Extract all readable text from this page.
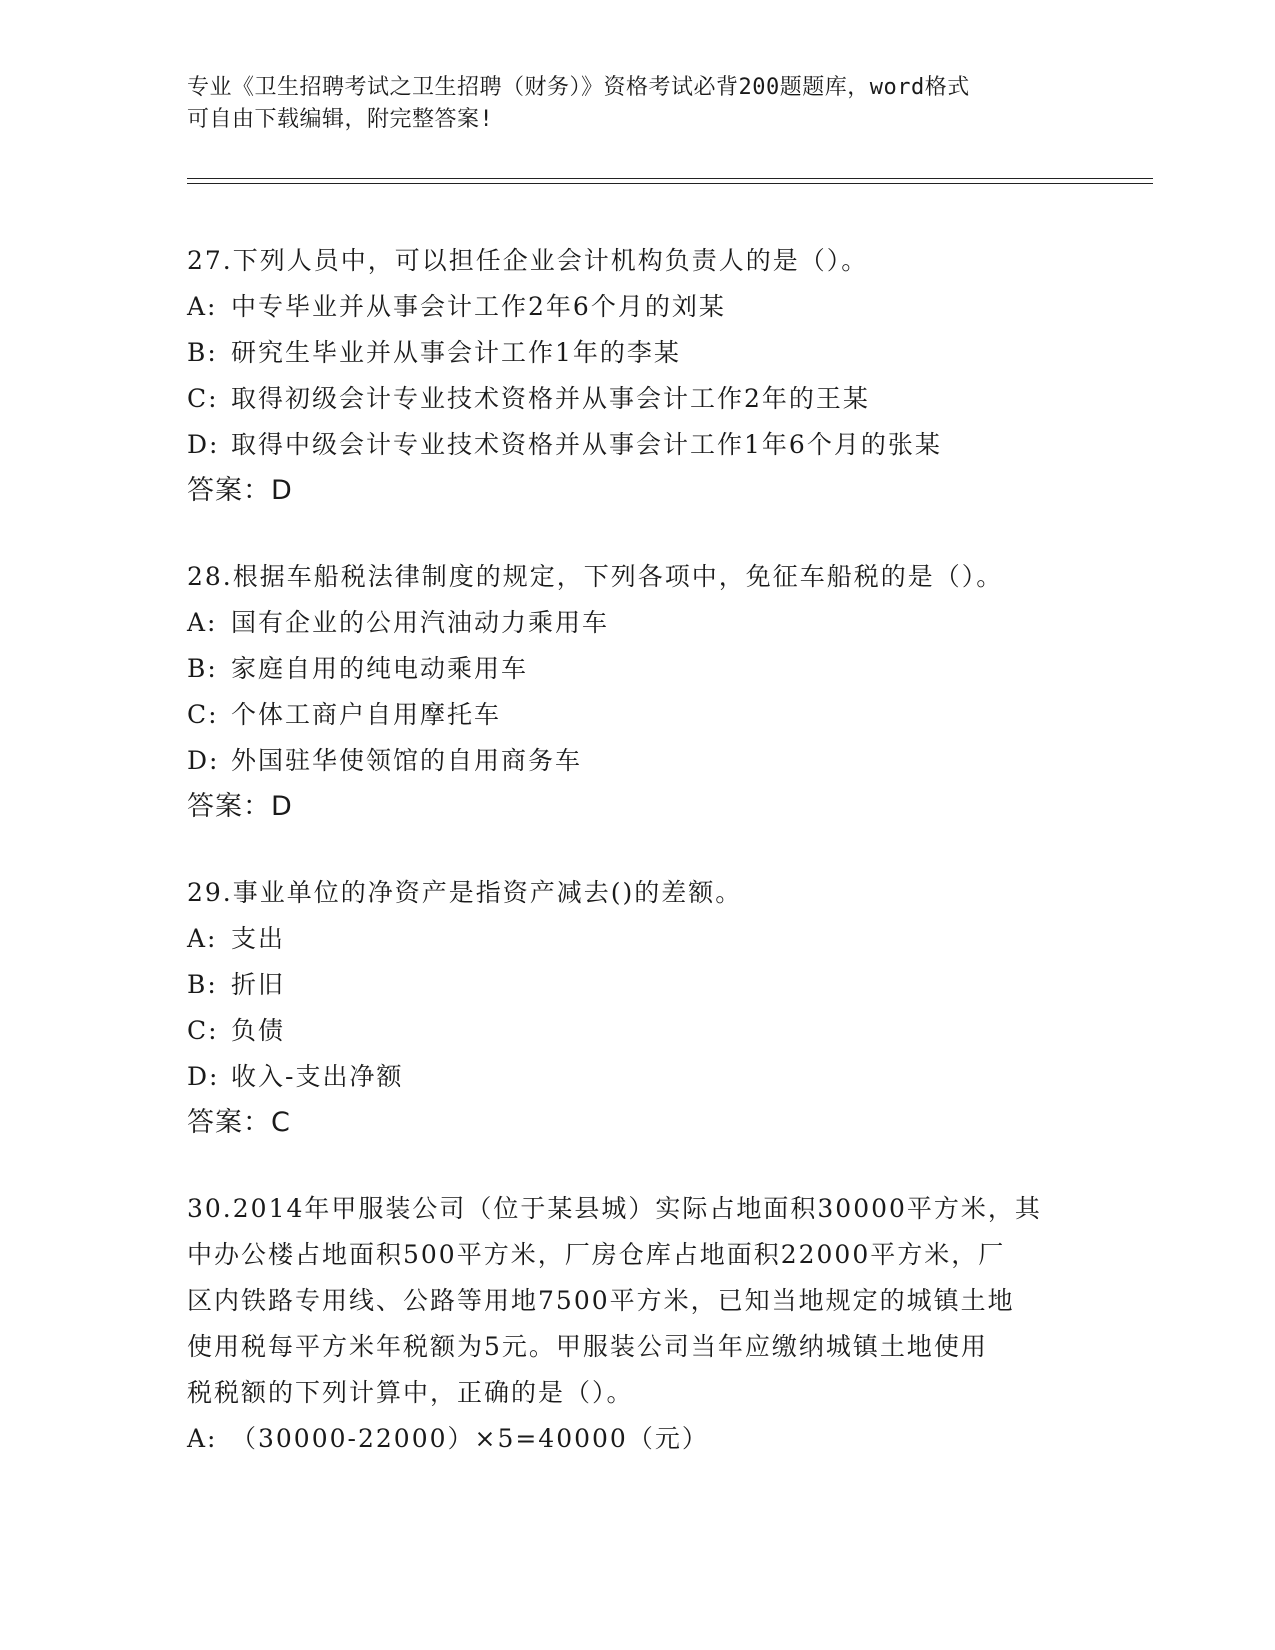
专业《卫生招聘考试之卫生招聘（财务）》资格考试必背200题题库，word格式
可自由下载编辑，附完整答案!
27.下列人员中，可以担任企业会计机构负责人的是（）。
A: 中专毕业并从事会计工作2年6个月的刘某
B: 研究生毕业并从事会计工作1年的李某
C: 取得初级会计专业技术资格并从事会计工作2年的王某
D: 取得中级会计专业技术资格并从事会计工作1年6个月的张某
答案：D
28.根据车船税法律制度的规定，下列各项中，免征车船税的是（）。
A: 国有企业的公用汽油动力乘用车
B: 家庭自用的纯电动乘用车
C: 个体工商户自用摩托车
D: 外国驻华使领馆的自用商务车
答案：D
29.事业单位的净资产是指资产减去()的差额。
A: 支出
B: 折旧
C: 负债
D: 收入-支出净额
答案：C
30.2014年甲服装公司（位于某县城）实际占地面积30000平方米，其
中办公楼占地面积500平方米，厂房仓库占地面积22000平方米，厂
区内铁路专用线、公路等用地7500平方米，已知当地规定的城镇土地
使用税每平方米年税额为5元。甲服装公司当年应缴纳城镇土地使用
税税额的下列计算中，正确的是（）。
A: （30000-22000）×5=40000（元）
